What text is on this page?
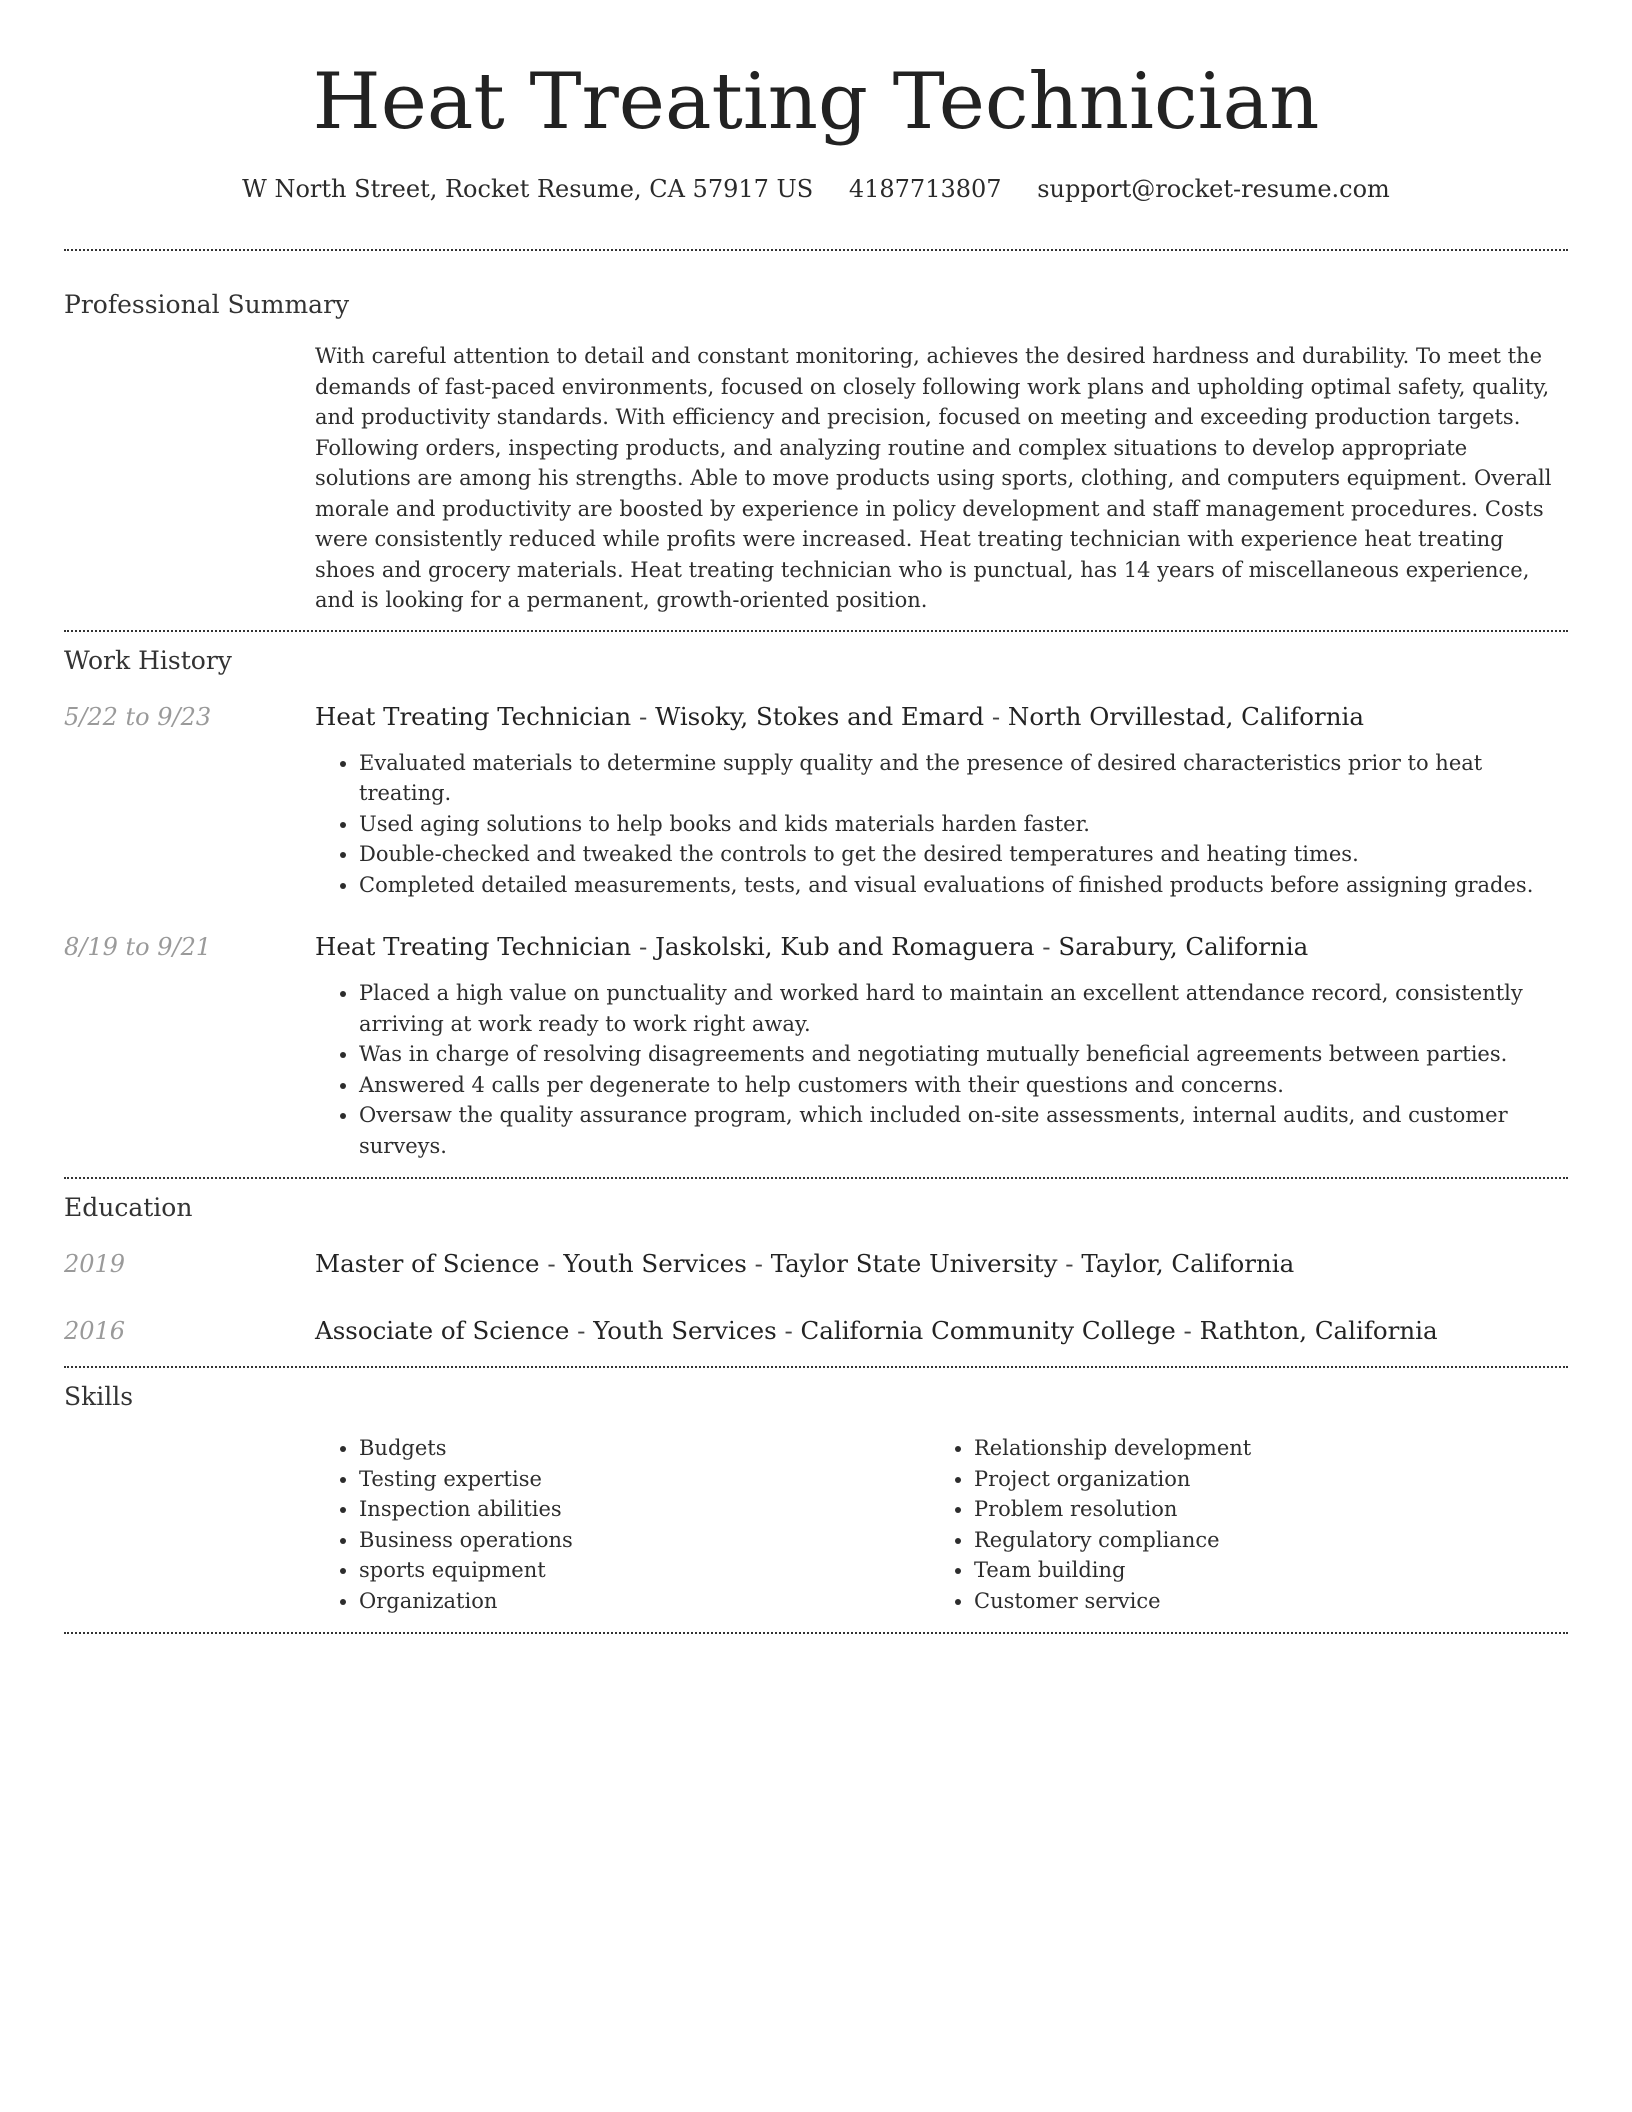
Heat Treating Technician
W North Street, Rocket Resume, CA 57917 US 4187713807 support@rocket-resume.com
Professional Summary
With careful attention to detail and constant monitoring, achieves the desired hardness and durability. To meet the demands of fast-paced environments, focused on closely following work plans and upholding optimal safety, quality, and productivity standards. With efficiency and precision, focused on meeting and exceeding production targets. Following orders, inspecting products, and analyzing routine and complex situations to develop appropriate solutions are among his strengths. Able to move products using sports, clothing, and computers equipment. Overall morale and productivity are boosted by experience in policy development and staff management procedures. Costs were consistently reduced while profits were increased. Heat treating technician with experience heat treating shoes and grocery materials. Heat treating technician who is punctual, has 14 years of miscellaneous experience, and is looking for a permanent, growth-oriented position.
Work History
5/22 to 9/23	Heat Treating Technician - Wisoky, Stokes and Emard - North Orvillestad, California
• Evaluated materials to determine supply quality and the presence of desired characteristics prior to heat treating.
• Used aging solutions to help books and kids materials harden faster.
• Double-checked and tweaked the controls to get the desired temperatures and heating times.
• Completed detailed measurements, tests, and visual evaluations of finished products before assigning grades.
8/19 to 9/21	Heat Treating Technician - Jaskolski, Kub and Romaguera - Sarabury, California
• Placed a high value on punctuality and worked hard to maintain an excellent attendance record, consistently arriving at work ready to work right away.
• Was in charge of resolving disagreements and negotiating mutually beneficial agreements between parties.
• Answered 4 calls per degenerate to help customers with their questions and concerns.
• Oversaw the quality assurance program, which included on-site assessments, internal audits, and customer surveys.
Education
2019	Master of Science - Youth Services - Taylor State University - Taylor, California
2016	Associate of Science - Youth Services - California Community College - Rathton, California
Skills
• Budgets
• Testing expertise
• Inspection abilities
• Business operations
• sports equipment
• Organization
• Relationship development
• Project organization
• Problem resolution
• Regulatory compliance
• Team building
• Customer service
